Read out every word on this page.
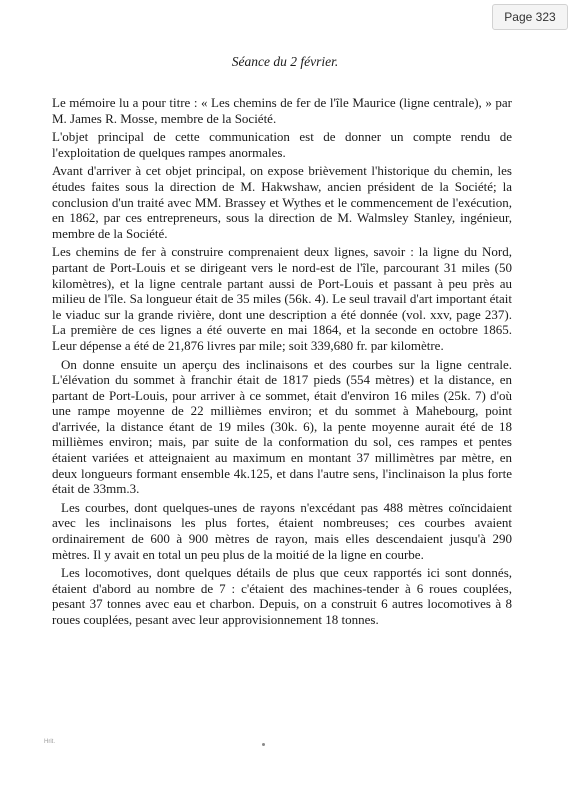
Page 323
Séance du 2 février.

Le mémoire lu a pour titre : « Les chemins de fer de l'île Maurice (ligne centrale), » par M. James R. Mosse, membre de la Société.

L'objet principal de cette communication est de donner un compte rendu de l'exploitation de quelques rampes anormales.

Avant d'arriver à cet objet principal, on expose brièvement l'historique du chemin, les études faites sous la direction de M. Hakwshaw, ancien président de la Société; la conclusion d'un traité avec MM. Brassey et Wythes et le commencement de l'exécution, en 1862, par ces entrepreneurs, sous la direction de M. Walmsley Stanley, ingénieur, membre de la Société.

Les chemins de fer à construire comprenaient deux lignes, savoir : la ligne du Nord, partant de Port-Louis et se dirigeant vers le nord-est de l'île, parcourant 31 miles (50 kilomètres), et la ligne centrale partant aussi de Port-Louis et passant à peu près au milieu de l'île. Sa longueur était de 35 miles (56k. 4). Le seul travail d'art important était le viaduc sur la grande rivière, dont une description a été donnée (vol. xxv, page 237). La première de ces lignes a été ouverte en mai 1864, et la seconde en octobre 1865. Leur dépense a été de 21,876 livres par mile; soit 339,680 fr. par kilomètre.

On donne ensuite un aperçu des inclinaisons et des courbes sur la ligne centrale. L'élévation du sommet à franchir était de 1817 pieds (554 mètres) et la distance, en partant de Port-Louis, pour arriver à ce sommet, était d'environ 16 miles (25k. 7) d'où une rampe moyenne de 22 millièmes environ; et du sommet à Mahebourg, point d'arrivée, la distance étant de 19 miles (30k. 6), la pente moyenne aurait été de 18 millièmes environ; mais, par suite de la conformation du sol, ces rampes et pentes étaient variées et atteignaient au maximum en montant 37 millimètres par mètre, en deux longueurs formant ensemble 4k.125, et dans l'autre sens, l'inclinaison la plus forte était de 33mm.3.

Les courbes, dont quelques-unes de rayons n'excédant pas 488 mètres coïncidaient avec les inclinaisons les plus fortes, étaient nombreuses; ces courbes avaient ordinairement de 600 à 900 mètres de rayon, mais elles descendaient jusqu'à 290 mètres. Il y avait en total un peu plus de la moitié de la ligne en courbe.

Les locomotives, dont quelques détails de plus que ceux rapportés ici sont donnés, étaient d'abord au nombre de 7 : c'étaient des machines-tender à 6 roues couplées, pesant 37 tonnes avec eau et charbon. Depuis, on a construit 6 autres locomotives à 8 roues couplées, pesant avec leur approvisionnement 18 tonnes.

Hrit.
